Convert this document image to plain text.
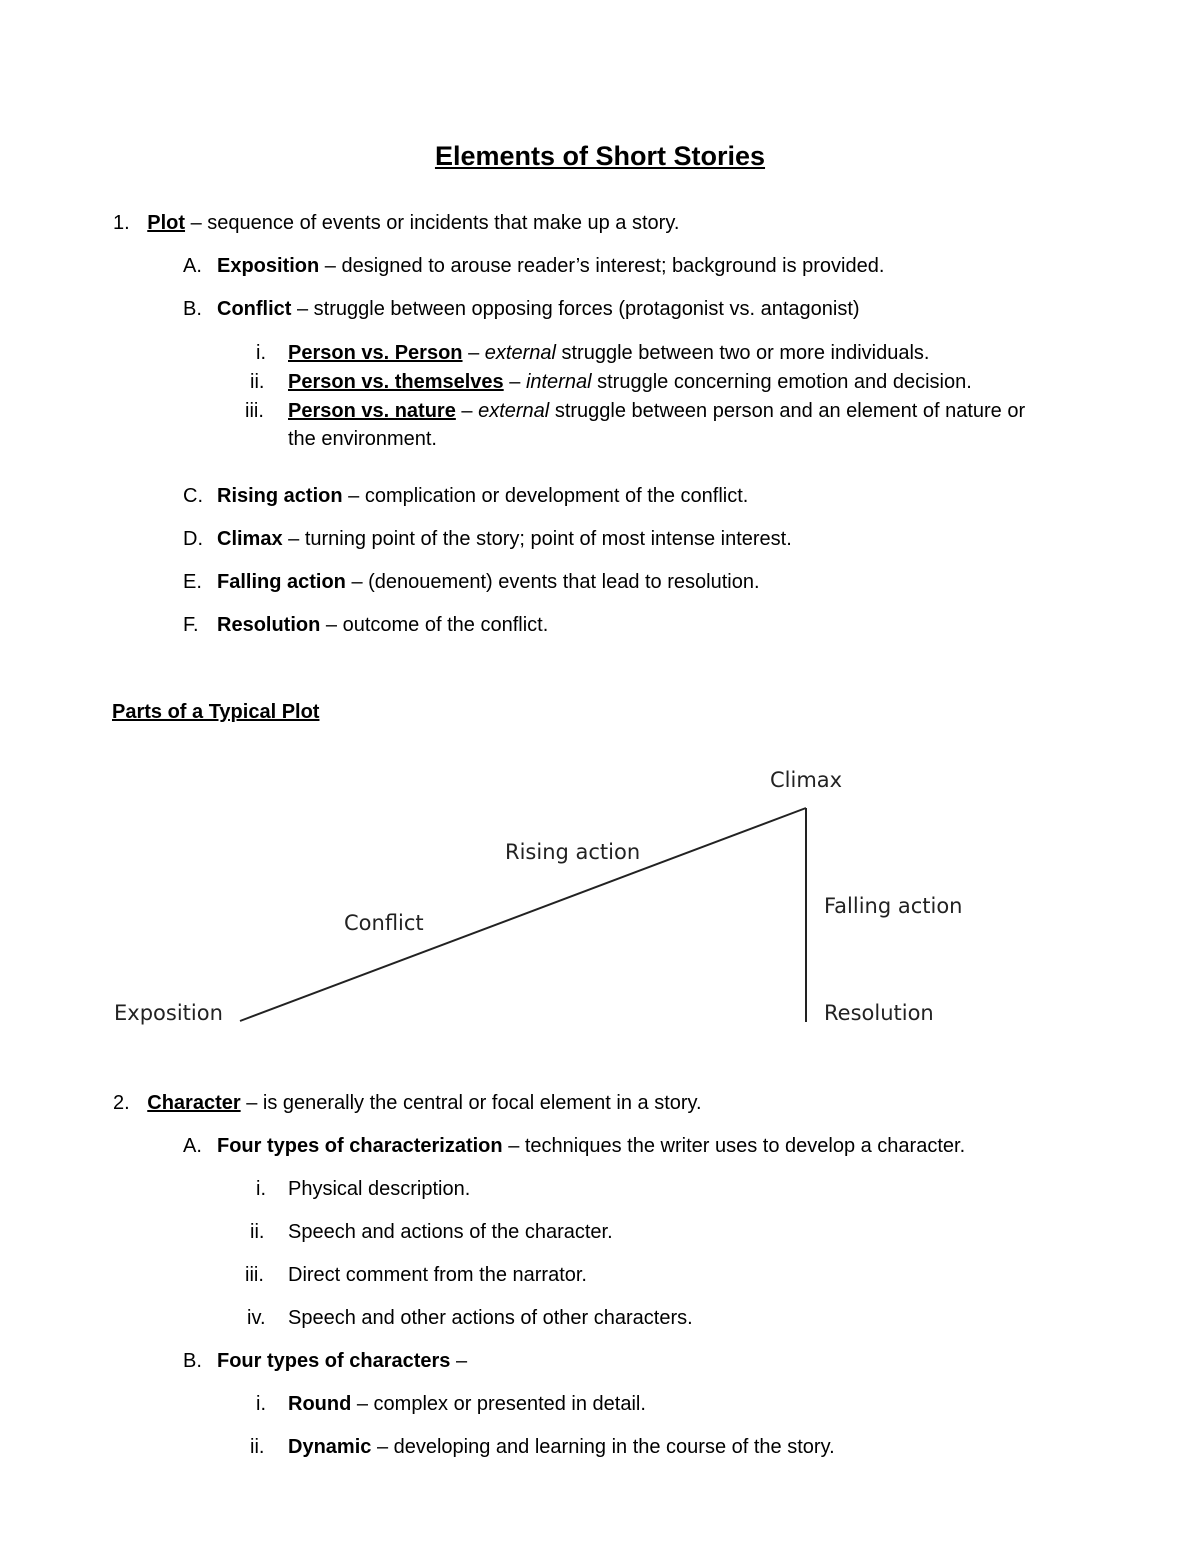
Elements of Short Stories
1. Plot – sequence of events or incidents that make up a story.
A. Exposition – designed to arouse reader’s interest; background is provided.
B. Conflict – struggle between opposing forces (protagonist vs. antagonist)
i. Person vs. Person – external struggle between two or more individuals.
ii. Person vs. themselves – internal struggle concerning emotion and decision.
iii. Person vs. nature – external struggle between person and an element of nature or
the environment.
C. Rising action – complication or development of the conflict.
D. Climax – turning point of the story; point of most intense interest.
E. Falling action – (denouement) events that lead to resolution.
F. Resolution – outcome of the conflict.
Parts of a Typical Plot
Exposition
Conflict
Rising action
Climax
Falling action
Resolution
2. Character – is generally the central or focal element in a story.
A. Four types of characterization – techniques the writer uses to develop a character.
i. Physical description.
ii. Speech and actions of the character.
iii. Direct comment from the narrator.
iv. Speech and other actions of other characters.
B. Four types of characters –
i. Round – complex or presented in detail.
ii. Dynamic – developing and learning in the course of the story.
